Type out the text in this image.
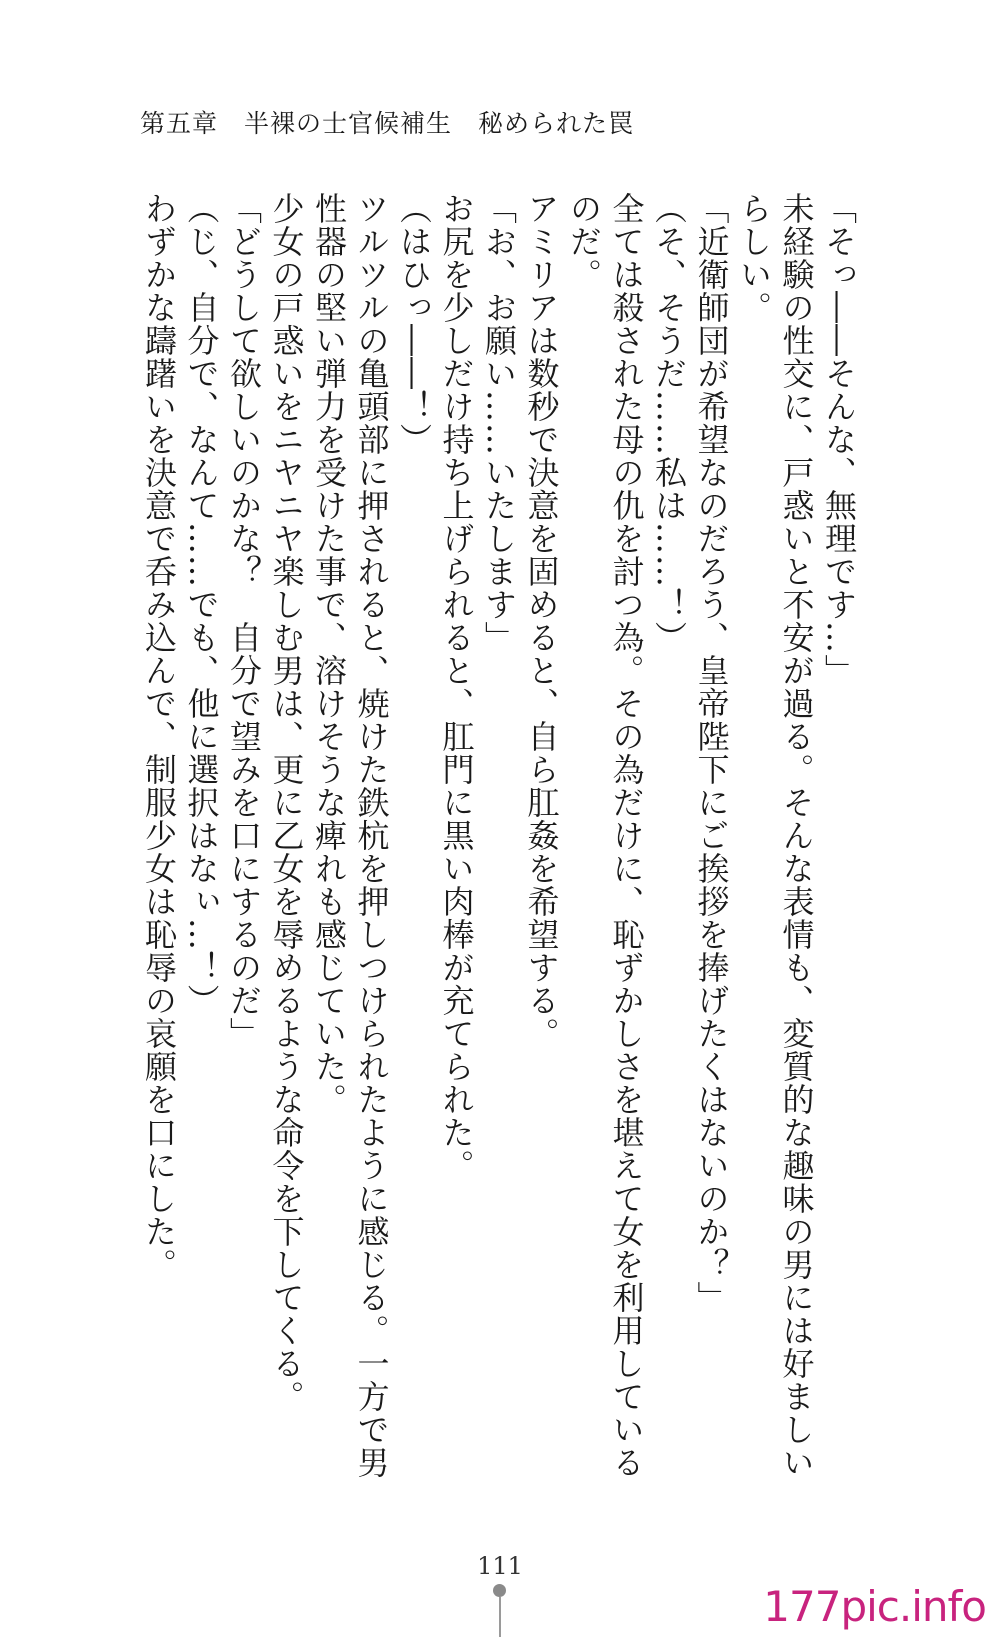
第五章　半裸の士官候補生　秘められた罠
「そっ――そんな、無理です…」
未経験の性交に、戸惑いと不安が過る。そんな表情も、変質的な趣味の男には好ましい
らしい。
「近衛師団が希望なのだろう、皇帝陛下にご挨拶を捧げたくはないのか？」
（そ、そうだ……私は……！）
全ては殺された母の仇を討つ為。その為だけに、恥ずかしさを堪えて女を利用している
のだ。
アミリアは数秒で決意を固めると、自ら肛姦を希望する。
「お、お願い……いたします」
お尻を少しだけ持ち上げられると、肛門に黒い肉棒が充てられた。
（はひっ――！）
ツルツルの亀頭部に押されると、焼けた鉄杭を押しつけられたように感じる。一方で男
性器の堅い弾力を受けた事で、溶けそうな痺れも感じていた。
少女の戸惑いをニヤニヤ楽しむ男は、更に乙女を辱めるような命令を下してくる。
「どうして欲しいのかな？　自分で望みを口にするのだ」
（じ、自分で、なんて……でも、他に選択はなぃ…！）
わずかな躊躇いを決意で呑み込んで、制服少女は恥辱の哀願を口にした。
111
177pic.info
